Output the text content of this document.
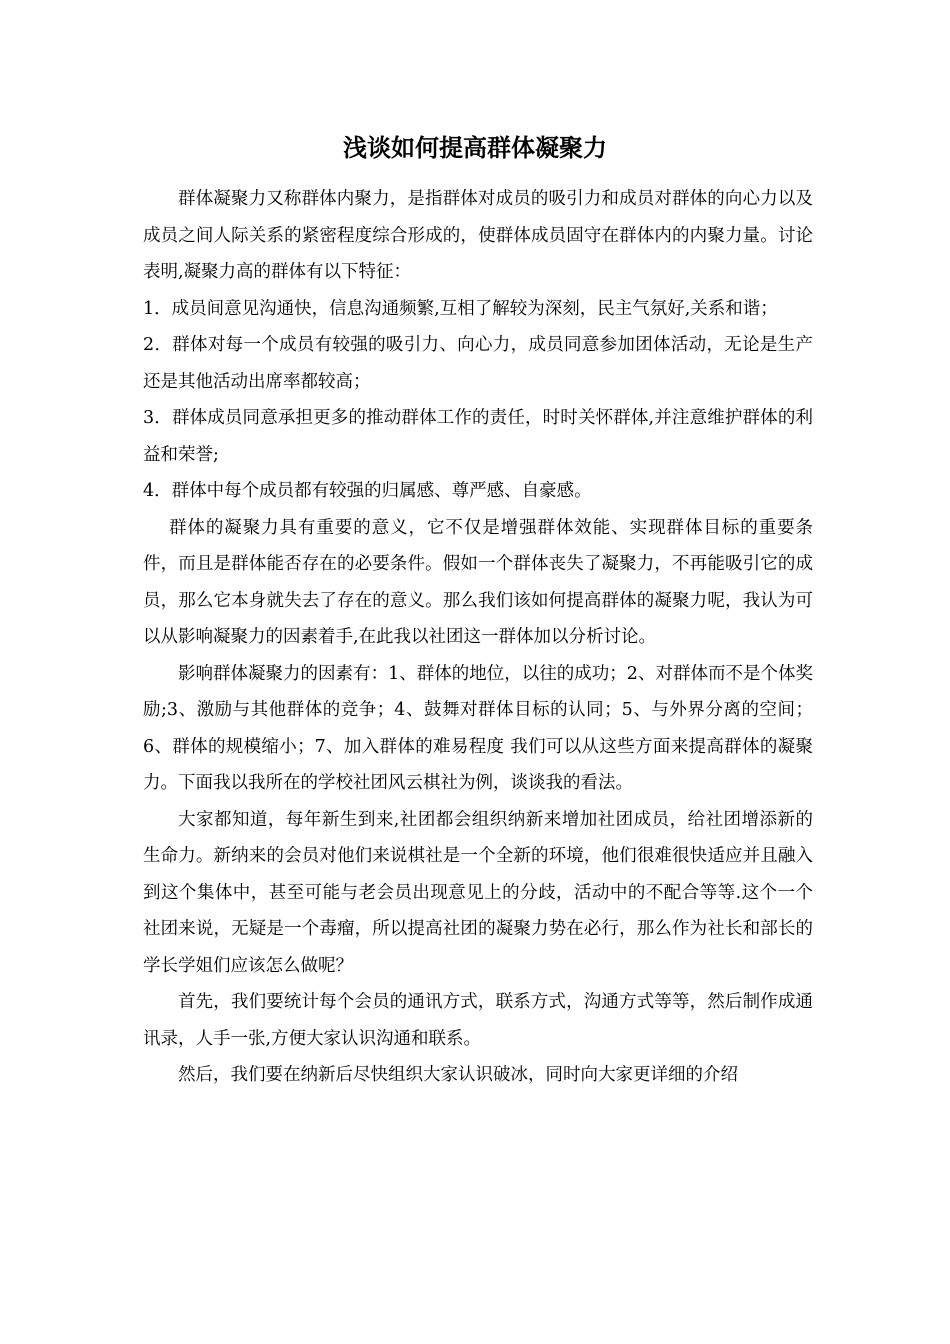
浅谈如何提高群体凝聚力

群体凝聚力又称群体内聚力，是指群体对成员的吸引力和成员对群体的向心力以及成员之间人际关系的紧密程度综合形成的，使群体成员固守在群体内的内聚力量。讨论表明,凝聚力高的群体有以下特征：

1．成员间意见沟通快，信息沟通频繁,互相了解较为深刻，民主气氛好,关系和谐；

2．群体对每一个成员有较强的吸引力、向心力，成员同意参加团体活动，无论是生产还是其他活动出席率都较高；

3．群体成员同意承担更多的推动群体工作的责任，时时关怀群体,并注意维护群体的利益和荣誉;

4．群体中每个成员都有较强的归属感、尊严感、自豪感。

群体的凝聚力具有重要的意义，它不仅是增强群体效能、实现群体目标的重要条件，而且是群体能否存在的必要条件。假如一个群体丧失了凝聚力，不再能吸引它的成员，那么它本身就失去了存在的意义。那么我们该如何提高群体的凝聚力呢，我认为可以从影响凝聚力的因素着手,在此我以社团这一群体加以分析讨论。

影响群体凝聚力的因素有：1、群体的地位，以往的成功；2、对群体而不是个体奖励;3、激励与其他群体的竞争；4、鼓舞对群体目标的认同；5、与外界分离的空间；6、群体的规模缩小；7、加入群体的难易程度 我们可以从这些方面来提高群体的凝聚力。下面我以我所在的学校社团风云棋社为例，谈谈我的看法。

大家都知道，每年新生到来,社团都会组织纳新来增加社团成员，给社团增添新的生命力。新纳来的会员对他们来说棋社是一个全新的环境，他们很难很快适应并且融入到这个集体中，甚至可能与老会员出现意见上的分歧，活动中的不配合等等.这个一个社团来说，无疑是一个毒瘤，所以提高社团的凝聚力势在必行，那么作为社长和部长的学长学姐们应该怎么做呢？

首先，我们要统计每个会员的通讯方式，联系方式，沟通方式等等，然后制作成通讯录，人手一张,方便大家认识沟通和联系。

然后，我们要在纳新后尽快组织大家认识破冰，同时向大家更详细的介绍
